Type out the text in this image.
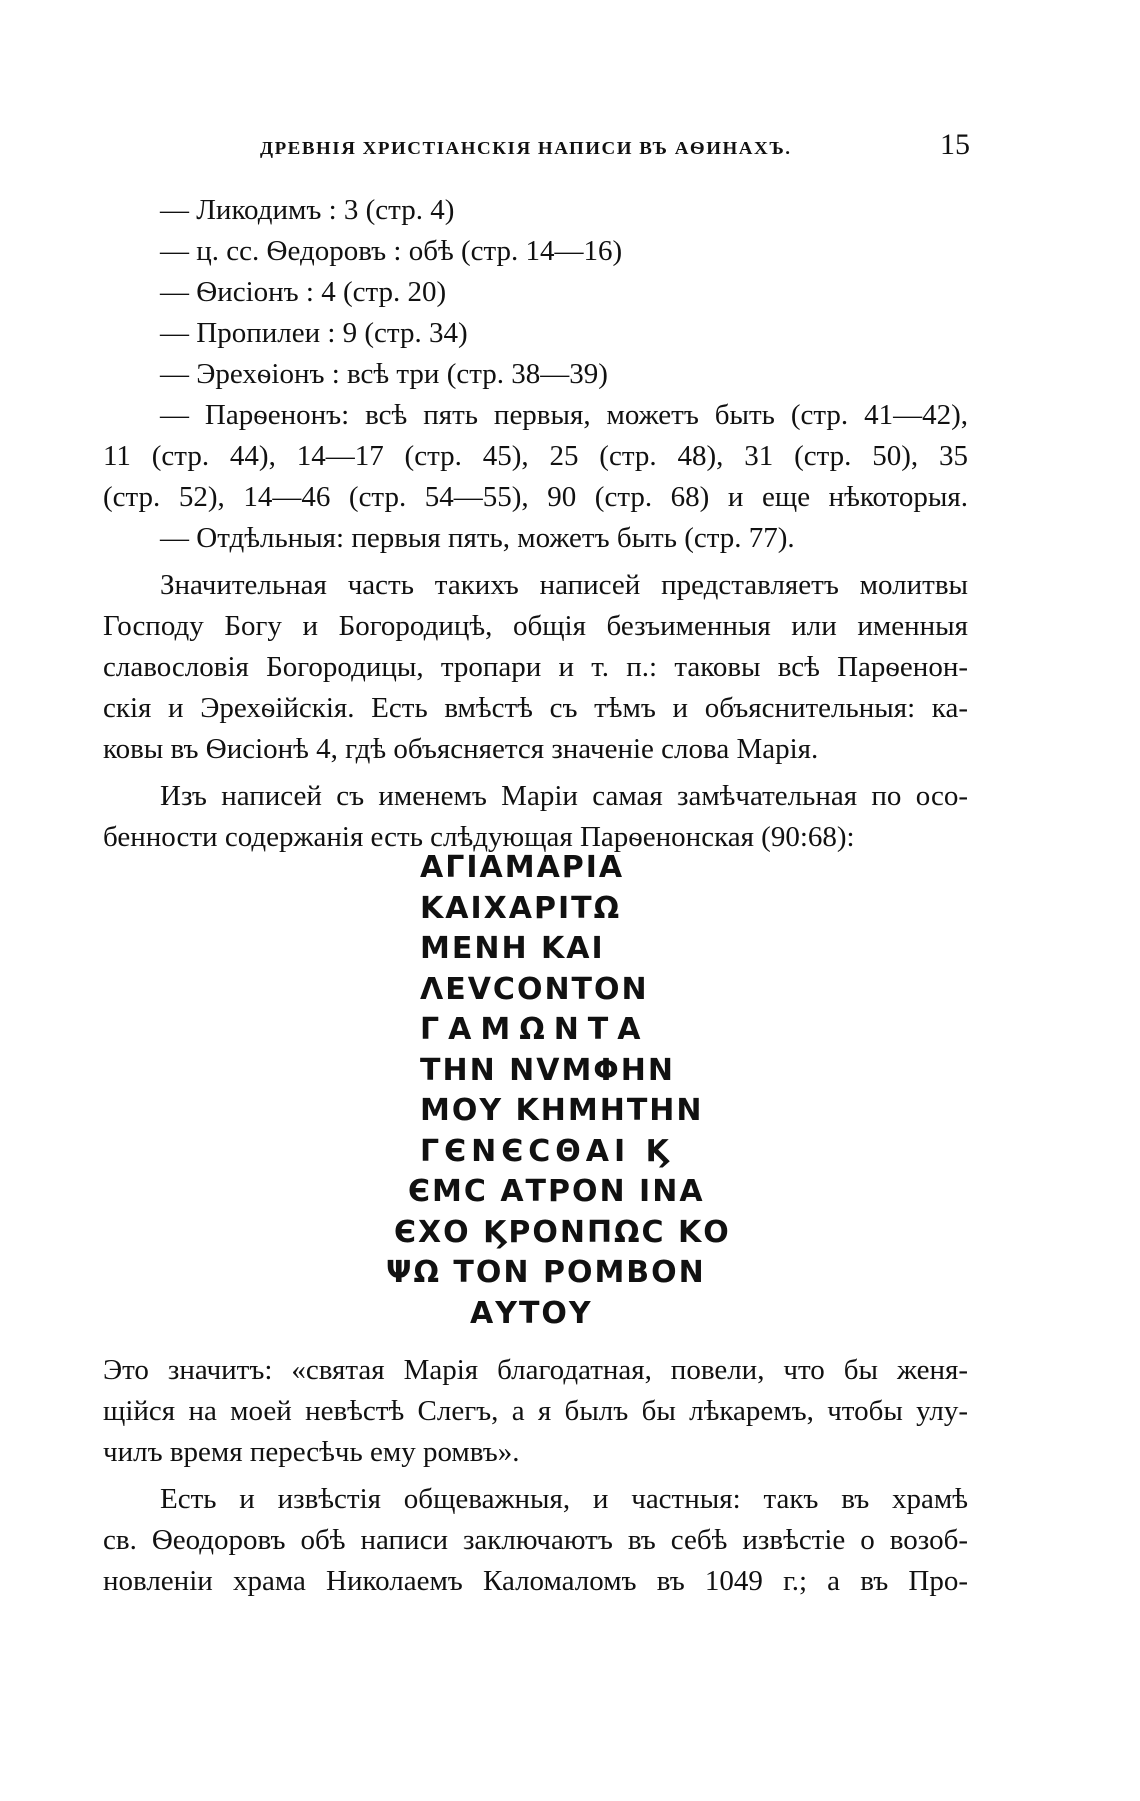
ДРЕВНІЯ ХРИСТІАНСКІЯ НАПИСИ ВЪ АѲИНАХЪ.	15
— Ликодимъ : 3 (стр. 4)
— ц. сс. Ѳедоровъ : обѣ (стр. 14—16)
— Ѳисіонъ : 4 (стр. 20)
— Пропилеи : 9 (стр. 34)
— Эрехѳіонъ : всѣ три (стр. 38—39)
— Парѳенонъ: всѣ пять первыя, можетъ быть (стр. 41—42),
11 (стр. 44), 14—17 (стр. 45), 25 (стр. 48), 31 (стр. 50), 35
(стр. 52), 14—46 (стр. 54—55), 90 (стр. 68) и еще нѣкоторыя.
— Отдѣльныя: первыя пять, можетъ быть (стр. 77).
Значительная часть такихъ написей представляетъ молитвы
Господу Богу и Богородицѣ, общія безъименныя или именныя
славословія Богородицы, тропари и т. п.: таковы всѣ Парѳенон-
скія и Эрехѳійскія. Есть вмѣстѣ съ тѣмъ и объяснительныя: ка-
ковы въ Ѳисіонѣ 4, гдѣ объясняется значеніе слова Марія.
Изъ написей съ именемъ Маріи самая замѣчательная по осо-
бенности содержанія есть слѣдующая Парѳенонская (90:68):
ΑΓΙΑΜΑΡΙΑ
ΚΑΙΧΑΡΙΤΩ
ΜΕΝΗ ΚΑΙ
ΛΕVCONTON
ΓΑΜΩΝΤΑ
ΤΗΝ ΝVΜΦΗΝ
ΜΟΥ ΚΗΜΗΤΗΝ
ΓЄΝЄCΘΑΙ Ϗ
ЄΜC ΑΤΡΟΝ ΙΝΑ
ЄΧΟ ϏΡΟΝΠΩC ΚΟ
ΨΩ ΤΟΝ ΡΟΜΒΟΝ
ΑΥΤΟΥ
Это значитъ: «святая Марія благодатная, повели, что бы женя-
щійся на моей невѣстѣ Слегъ, а я былъ бы лѣкаремъ, чтобы улу-
чилъ время пересѣчь ему ромвъ».
Есть и извѣстія общеважныя, и частныя: такъ въ храмѣ
св. Ѳеодоровъ обѣ написи заключаютъ въ себѣ извѣстіе о возоб-
новленіи храма Николаемъ Каломаломъ въ 1049 г.; а въ Про-
